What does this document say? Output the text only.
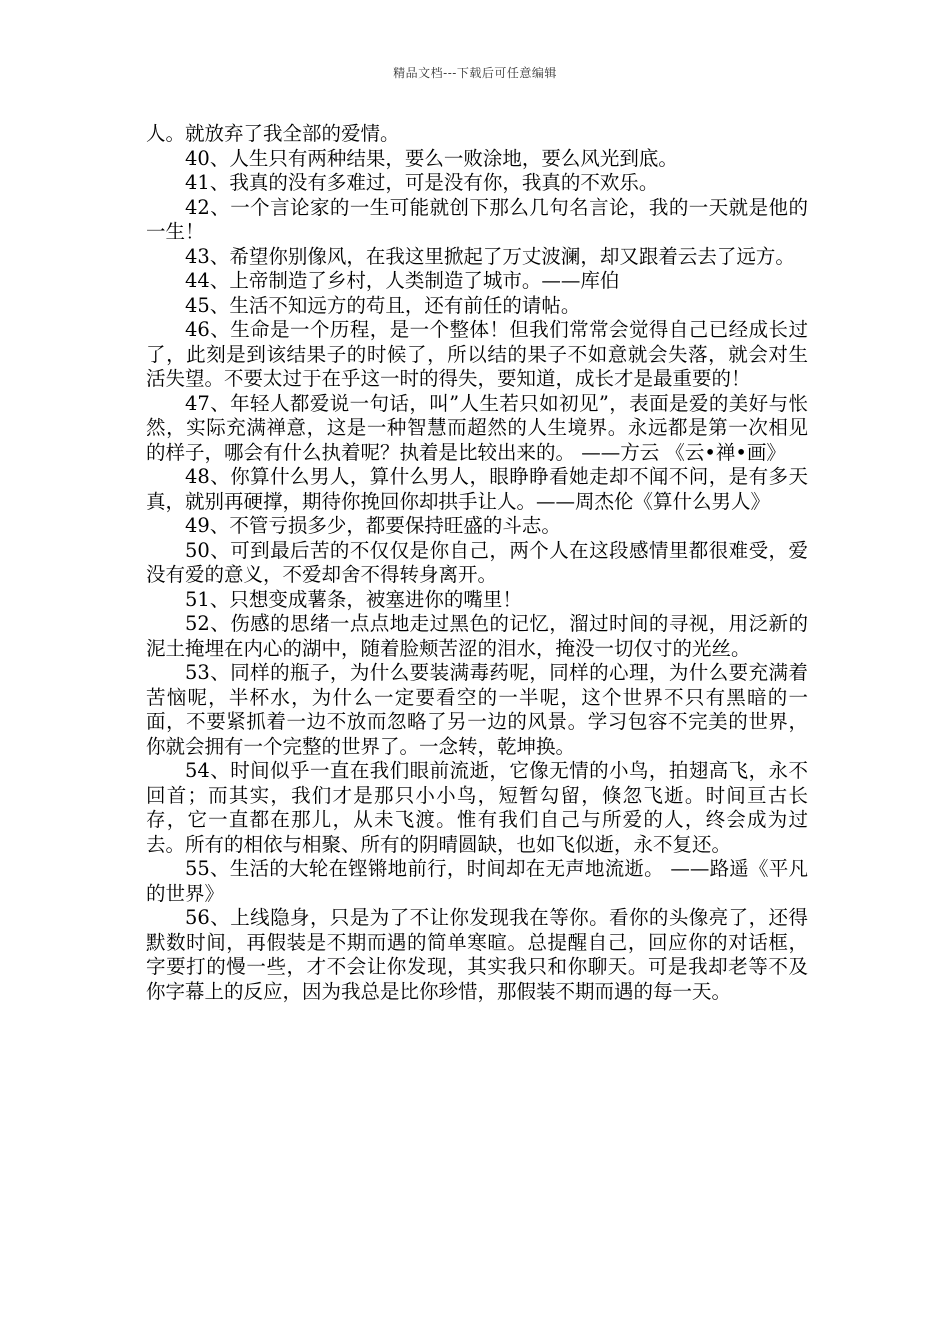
精品文档---下载后可任意编辑

人。就放弃了我全部的爱情。

40、人生只有两种结果，要么一败涂地，要么风光到底。

41、我真的没有多难过，可是没有你，我真的不欢乐。

42、一个言论家的一生可能就创下那么几句名言论，我的一天就是他的一生！

43、希望你别像风，在我这里掀起了万丈波澜，却又跟着云去了远方。

44、上帝制造了乡村，人类制造了城市。——库伯

45、生活不知远方的苟且，还有前任的请帖。

46、生命是一个历程，是一个整体！但我们常常会觉得自己已经成长过了，此刻是到该结果子的时候了，所以结的果子不如意就会失落，就会对生活失望。不要太过于在乎这一时的得失，要知道，成长才是最重要的！

47、年轻人都爱说一句话，叫”人生若只如初见”，表面是爱的美好与怅然，实际充满禅意，这是一种智慧而超然的人生境界。永远都是第一次相见的样子，哪会有什么执着呢？执着是比较出来的。 ——方云 《云•禅•画》

48、你算什么男人，算什么男人，眼睁睁看她走却不闻不问，是有多天真，就别再硬撑，期待你挽回你却拱手让人。——周杰伦《算什么男人》

49、不管亏损多少，都要保持旺盛的斗志。

50、可到最后苦的不仅仅是你自己，两个人在这段感情里都很难受，爱没有爱的意义，不爱却舍不得转身离开。

51、只想变成薯条，被塞进你的嘴里！

52、伤感的思绪一点点地走过黑色的记忆，溜过时间的寻视，用泛新的泥土掩埋在内心的湖中，随着脸颊苦涩的泪水，掩没一切仅寸的光丝。

53、同样的瓶子，为什么要装满毒药呢，同样的心理，为什么要充满着苦恼呢，半杯水，为什么一定要看空的一半呢，这个世界不只有黑暗的一面，不要紧抓着一边不放而忽略了另一边的风景。学习包容不完美的世界，你就会拥有一个完整的世界了。一念转，乾坤换。

54、时间似乎一直在我们眼前流逝，它像无情的小鸟，拍翅高飞，永不回首；而其实，我们才是那只小小鸟，短暂勾留，倏忽飞逝。时间亘古长存，它一直都在那儿，从未飞渡。惟有我们自己与所爱的人，终会成为过去。所有的相依与相聚、所有的阴晴圆缺，也如飞似逝，永不复还。

55、生活的大轮在铿锵地前行，时间却在无声地流逝。 ——路遥《平凡的世界》

56、上线隐身，只是为了不让你发现我在等你。看你的头像亮了，还得默数时间，再假装是不期而遇的简单寒暄。总提醒自己，回应你的对话框，字要打的慢一些，才不会让你发现，其实我只和你聊天。可是我却老等不及你字幕上的反应，因为我总是比你珍惜，那假装不期而遇的每一天。
